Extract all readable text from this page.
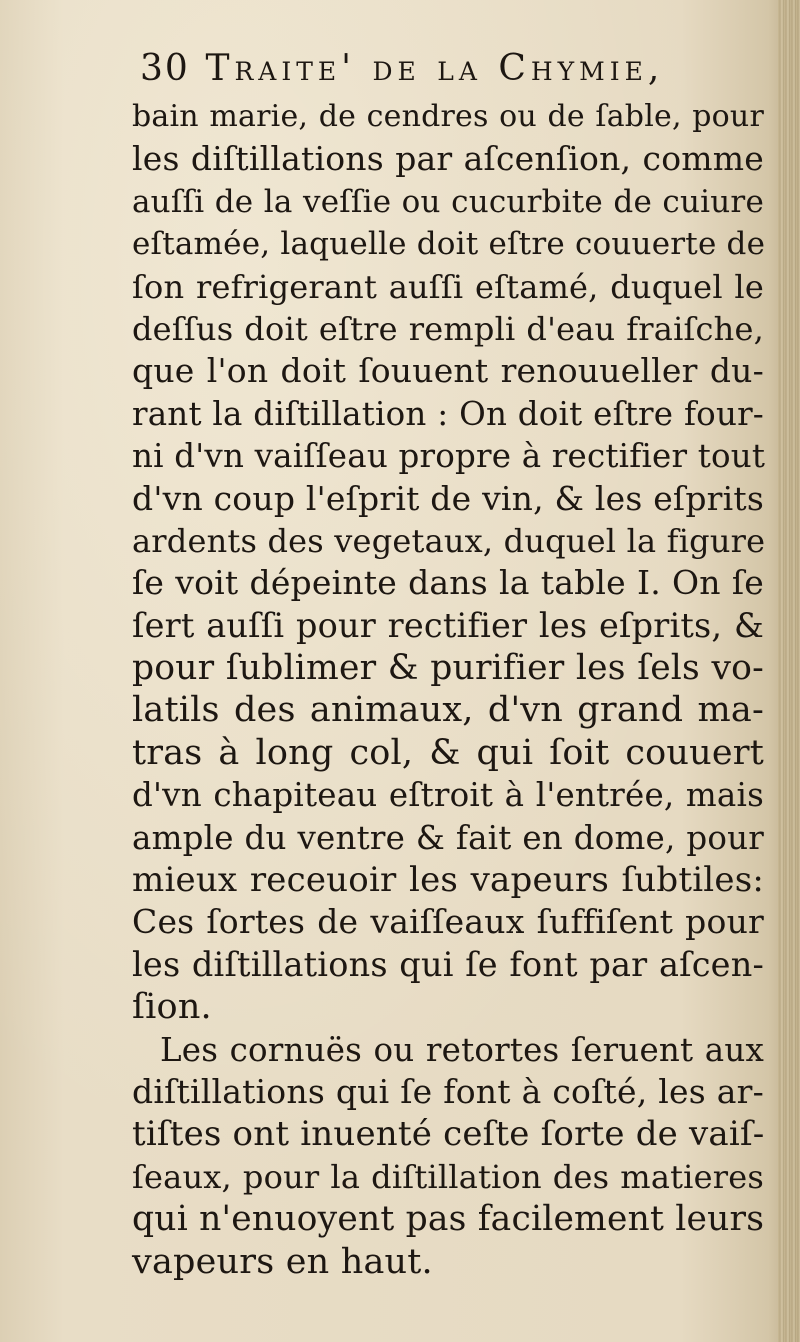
30 Traite' de la Chymie,
bain marie, de cendres ou de ſable, pour
les diſtillations par aſcenſion, comme
auſſi de la veſſie ou cucurbite de cuiure
eſtamée, laquelle doit eſtre couuerte de
ſon refrigerant auſſi eſtamé, duquel le
deſſus doit eſtre rempli d'eau fraiſche,
que l'on doit ſouuent renouueller du-
rant la diſtillation : On doit eſtre four-
ni d'vn vaiſſeau propre à rectifier tout
d'vn coup l'eſprit de vin, & les eſprits
ardents des vegetaux, duquel la figure
ſe voit dépeinte dans la table I. On ſe
ſert auſſi pour rectifier les eſprits, &
pour ſublimer & purifier les ſels vo-
latils des animaux, d'vn grand ma-
tras à long col, & qui ſoit couuert
d'vn chapiteau eſtroit à l'entrée, mais
ample du ventre & fait en dome, pour
mieux receuoir les vapeurs ſubtiles:
Ces ſortes de vaiſſeaux ſuffiſent pour
les diſtillations qui ſe font par aſcen-
ſion.
Les cornuës ou retortes ſeruent aux
diſtillations qui ſe font à coſté, les ar-
tiſtes ont inuenté ceſte ſorte de vaiſ-
ſeaux, pour la diſtillation des matieres
qui n'enuoyent pas facilement leurs
vapeurs en haut.
